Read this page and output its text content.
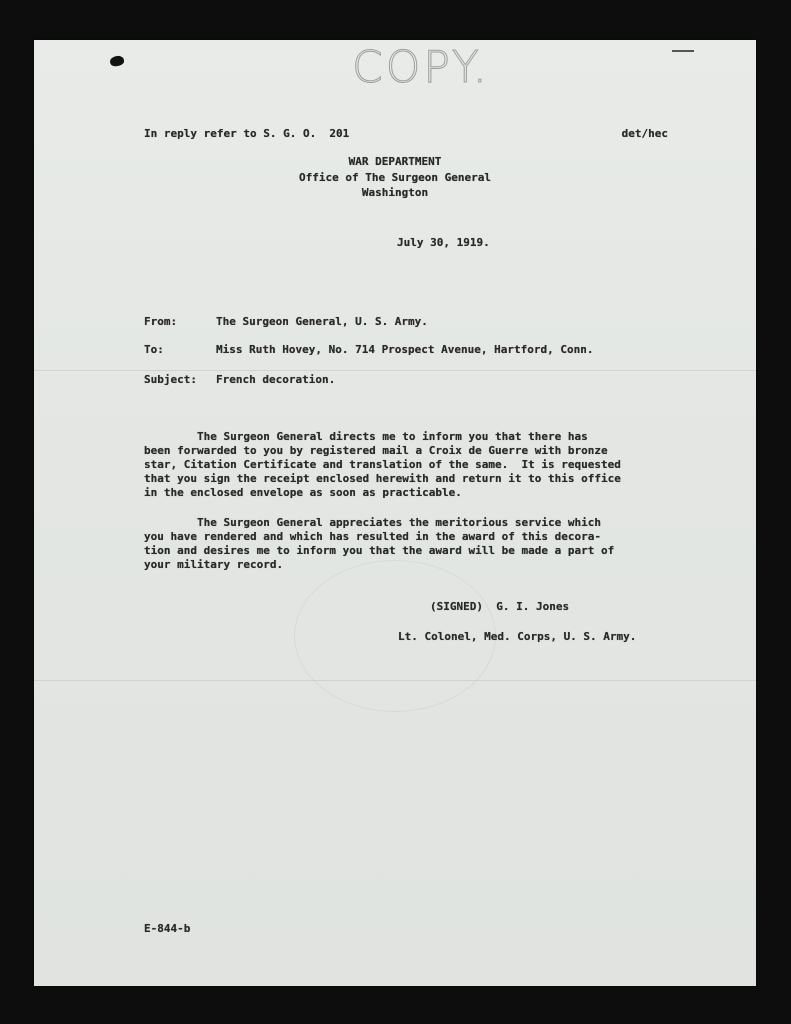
COPY.
In reply refer to S. G. O.  201	det/hec
WAR DEPARTMENT
Office of The Surgeon General
Washington
July 30, 1919.
From:	The Surgeon General, U. S. Army.
To:	Miss Ruth Hovey, No. 714 Prospect Avenue, Hartford, Conn.
Subject: French decoration.
The Surgeon General directs me to inform you that there has
been forwarded to you by registered mail a Croix de Guerre with bronze
star, Citation Certificate and translation of the same.  It is requested
that you sign the receipt enclosed herewith and return it to this office
in the enclosed envelope as soon as practicable.
The Surgeon General appreciates the meritorious service which
you have rendered and which has resulted in the award of this decora-
tion and desires me to inform you that the award will be made a part of
your military record.
(SIGNED)  G. I. Jones
Lt. Colonel, Med. Corps, U. S. Army.
E-844-b
